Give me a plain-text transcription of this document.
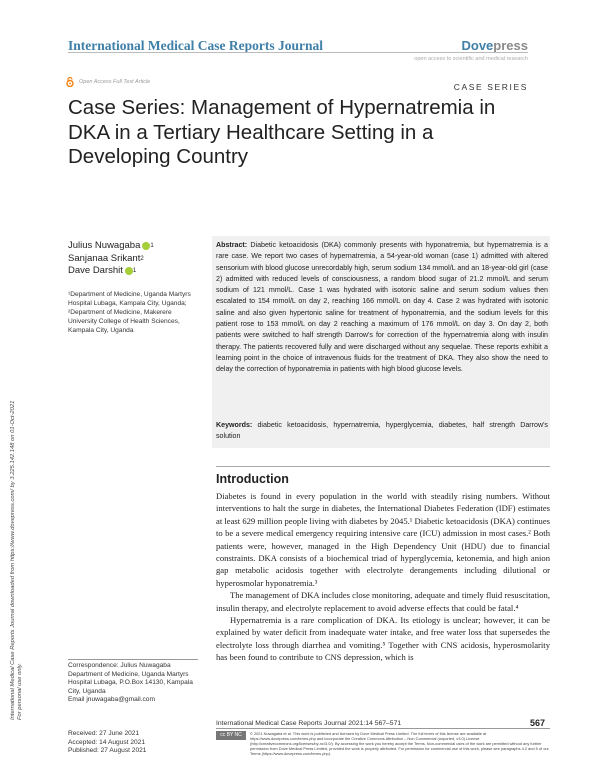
International Medical Case Reports Journal	Dovepress
open access to scientific and medical research
Open Access Full Text Article	CASE SERIES
Case Series: Management of Hypernatremia in DKA in a Tertiary Healthcare Setting in a Developing Country
International Medical Case Reports Journal downloaded from https://www.dovepress.com/ by 3.225.142.148 on 01-Oct-2021 For personal use only.
Julius Nuwagaba 1
Sanjanaa Srikant 2
Dave Darshit 1
¹Department of Medicine, Uganda Martyrs Hospital Lubaga, Kampala City, Uganda; ²Department of Medicine, Makerere University College of Health Sciences, Kampala City, Uganda
Abstract: Diabetic ketoacidosis (DKA) commonly presents with hyponatremia, but hypernatremia is a rare case. We report two cases of hypernatremia, a 54-year-old woman (case 1) admitted with altered sensorium with blood glucose unrecordably high, serum sodium 134 mmol/L and an 18-year-old girl (case 2) admitted with reduced levels of consciousness, a random blood sugar of 21.2 mmol/L and serum sodium of 121 mmol/L. Case 1 was hydrated with isotonic saline and serum sodium values then escalated to 154 mmol/L on day 2, reaching 166 mmol/L on day 4. Case 2 was hydrated with isotonic saline and also given hypertonic saline for treatment of hyponatremia, and the sodium levels for this patient rose to 153 mmol/L on day 2 reaching a maximum of 176 mmol/L on day 3. On day 2, both patients were switched to half strength Darrow's for correction of the hypernatremia along with insulin therapy. The patients recovered fully and were discharged without any sequelae. These reports exhibit a learning point in the choice of intravenous fluids for the treatment of DKA. They also show the need to delay the correction of hyponatremia in patients with high blood glucose levels.
Keywords: diabetic ketoacidosis, hypernatremia, hyperglycemia, diabetes, half strength Darrow's solution
Introduction

Diabetes is found in every population in the world with steadily rising numbers. Without interventions to halt the surge in diabetes, the International Diabetes Federation (IDF) estimates at least 629 million people living with diabetes by 2045.¹ Diabetic ketoacidosis (DKA) continues to be a severe medical emergency requiring intensive care (ICU) admission in most cases.² Both patients were, however, managed in the High Dependency Unit (HDU) due to financial constraints. DKA consists of a biochemical triad of hyperglycemia, ketonemia, and high anion gap metabolic acidosis together with electrolyte derangements including dilutional or hyperosmolar hyponatremia.³

The management of DKA includes close monitoring, adequate and timely fluid resuscitation, insulin therapy, and electrolyte replacement to avoid adverse effects that could be fatal.⁴

Hypernatremia is a rare complication of DKA. Its etiology is unclear; however, it can be explained by water deficit from inadequate water intake, and free water loss that supersedes the electrolyte loss through diarrhea and vomiting.⁵ Together with CNS acidosis, hyperosmolarity has been found to contribute to CNS depression, which is

Correspondence: Julius Nuwagaba
Department of Medicine, Uganda Martyrs Hospital Lubaga, P.O.Box 14130, Kampala City, Uganda
Email jnuwagaba@gmail.com
Received: 27 June 2021
Accepted: 14 August 2021
Published: 27 August 2021
International Medical Case Reports Journal 2021:14 567–571	567
cc BY NC	© 2021 Nuwagaba et al. This work is published and licensed by Dove Medical Press Limited. The full terms of this license are available at https://www.dovepress.com/terms.php and incorporate the Creative Commons Attribution – Non Commercial (unported, v3.0) License (http://creativecommons.org/licenses/by-nc/3.0/). By accessing the work you hereby accept the Terms. Non-commercial uses of the work are permitted without any further permission from Dove Medical Press Limited, provided the work is properly attributed. For permission for commercial use of this work, please see paragraphs 4.2 and 5 of our Terms (https://www.dovepress.com/terms.php).
